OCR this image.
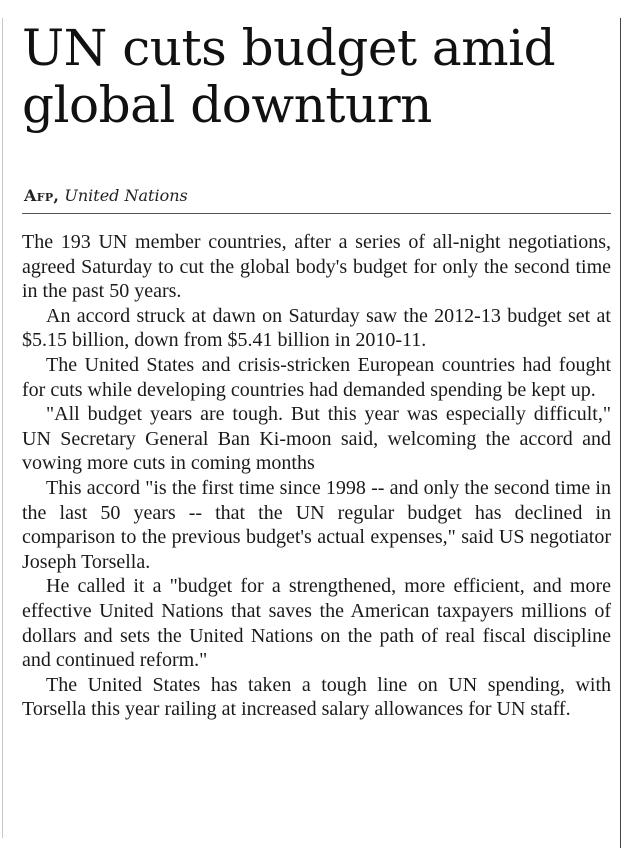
UN cuts budget amid global downturn
Afp, United Nations

The 193 UN member countries, after a series of all-night negotiations, agreed Saturday to cut the global body's budget for only the second time in the past 50 years.

An accord struck at dawn on Saturday saw the 2012-13 budget set at $5.15 billion, down from $5.41 billion in 2010-11.

The United States and crisis-stricken European countries had fought for cuts while developing countries had demanded spending be kept up.

"All budget years are tough. But this year was especially difficult," UN Secretary General Ban Ki-moon said, welcoming the accord and vowing more cuts in coming months

This accord "is the first time since 1998 -- and only the second time in the last 50 years -- that the UN regular budget has declined in comparison to the previous budget's actual expenses," said US negotiator Joseph Torsella.

He called it a "budget for a strengthened, more efficient, and more effective United Nations that saves the American taxpayers millions of dollars and sets the United Nations on the path of real fiscal discipline and continued reform."

The United States has taken a tough line on UN spending, with Torsella this year railing at increased salary allowances for UN staff.
